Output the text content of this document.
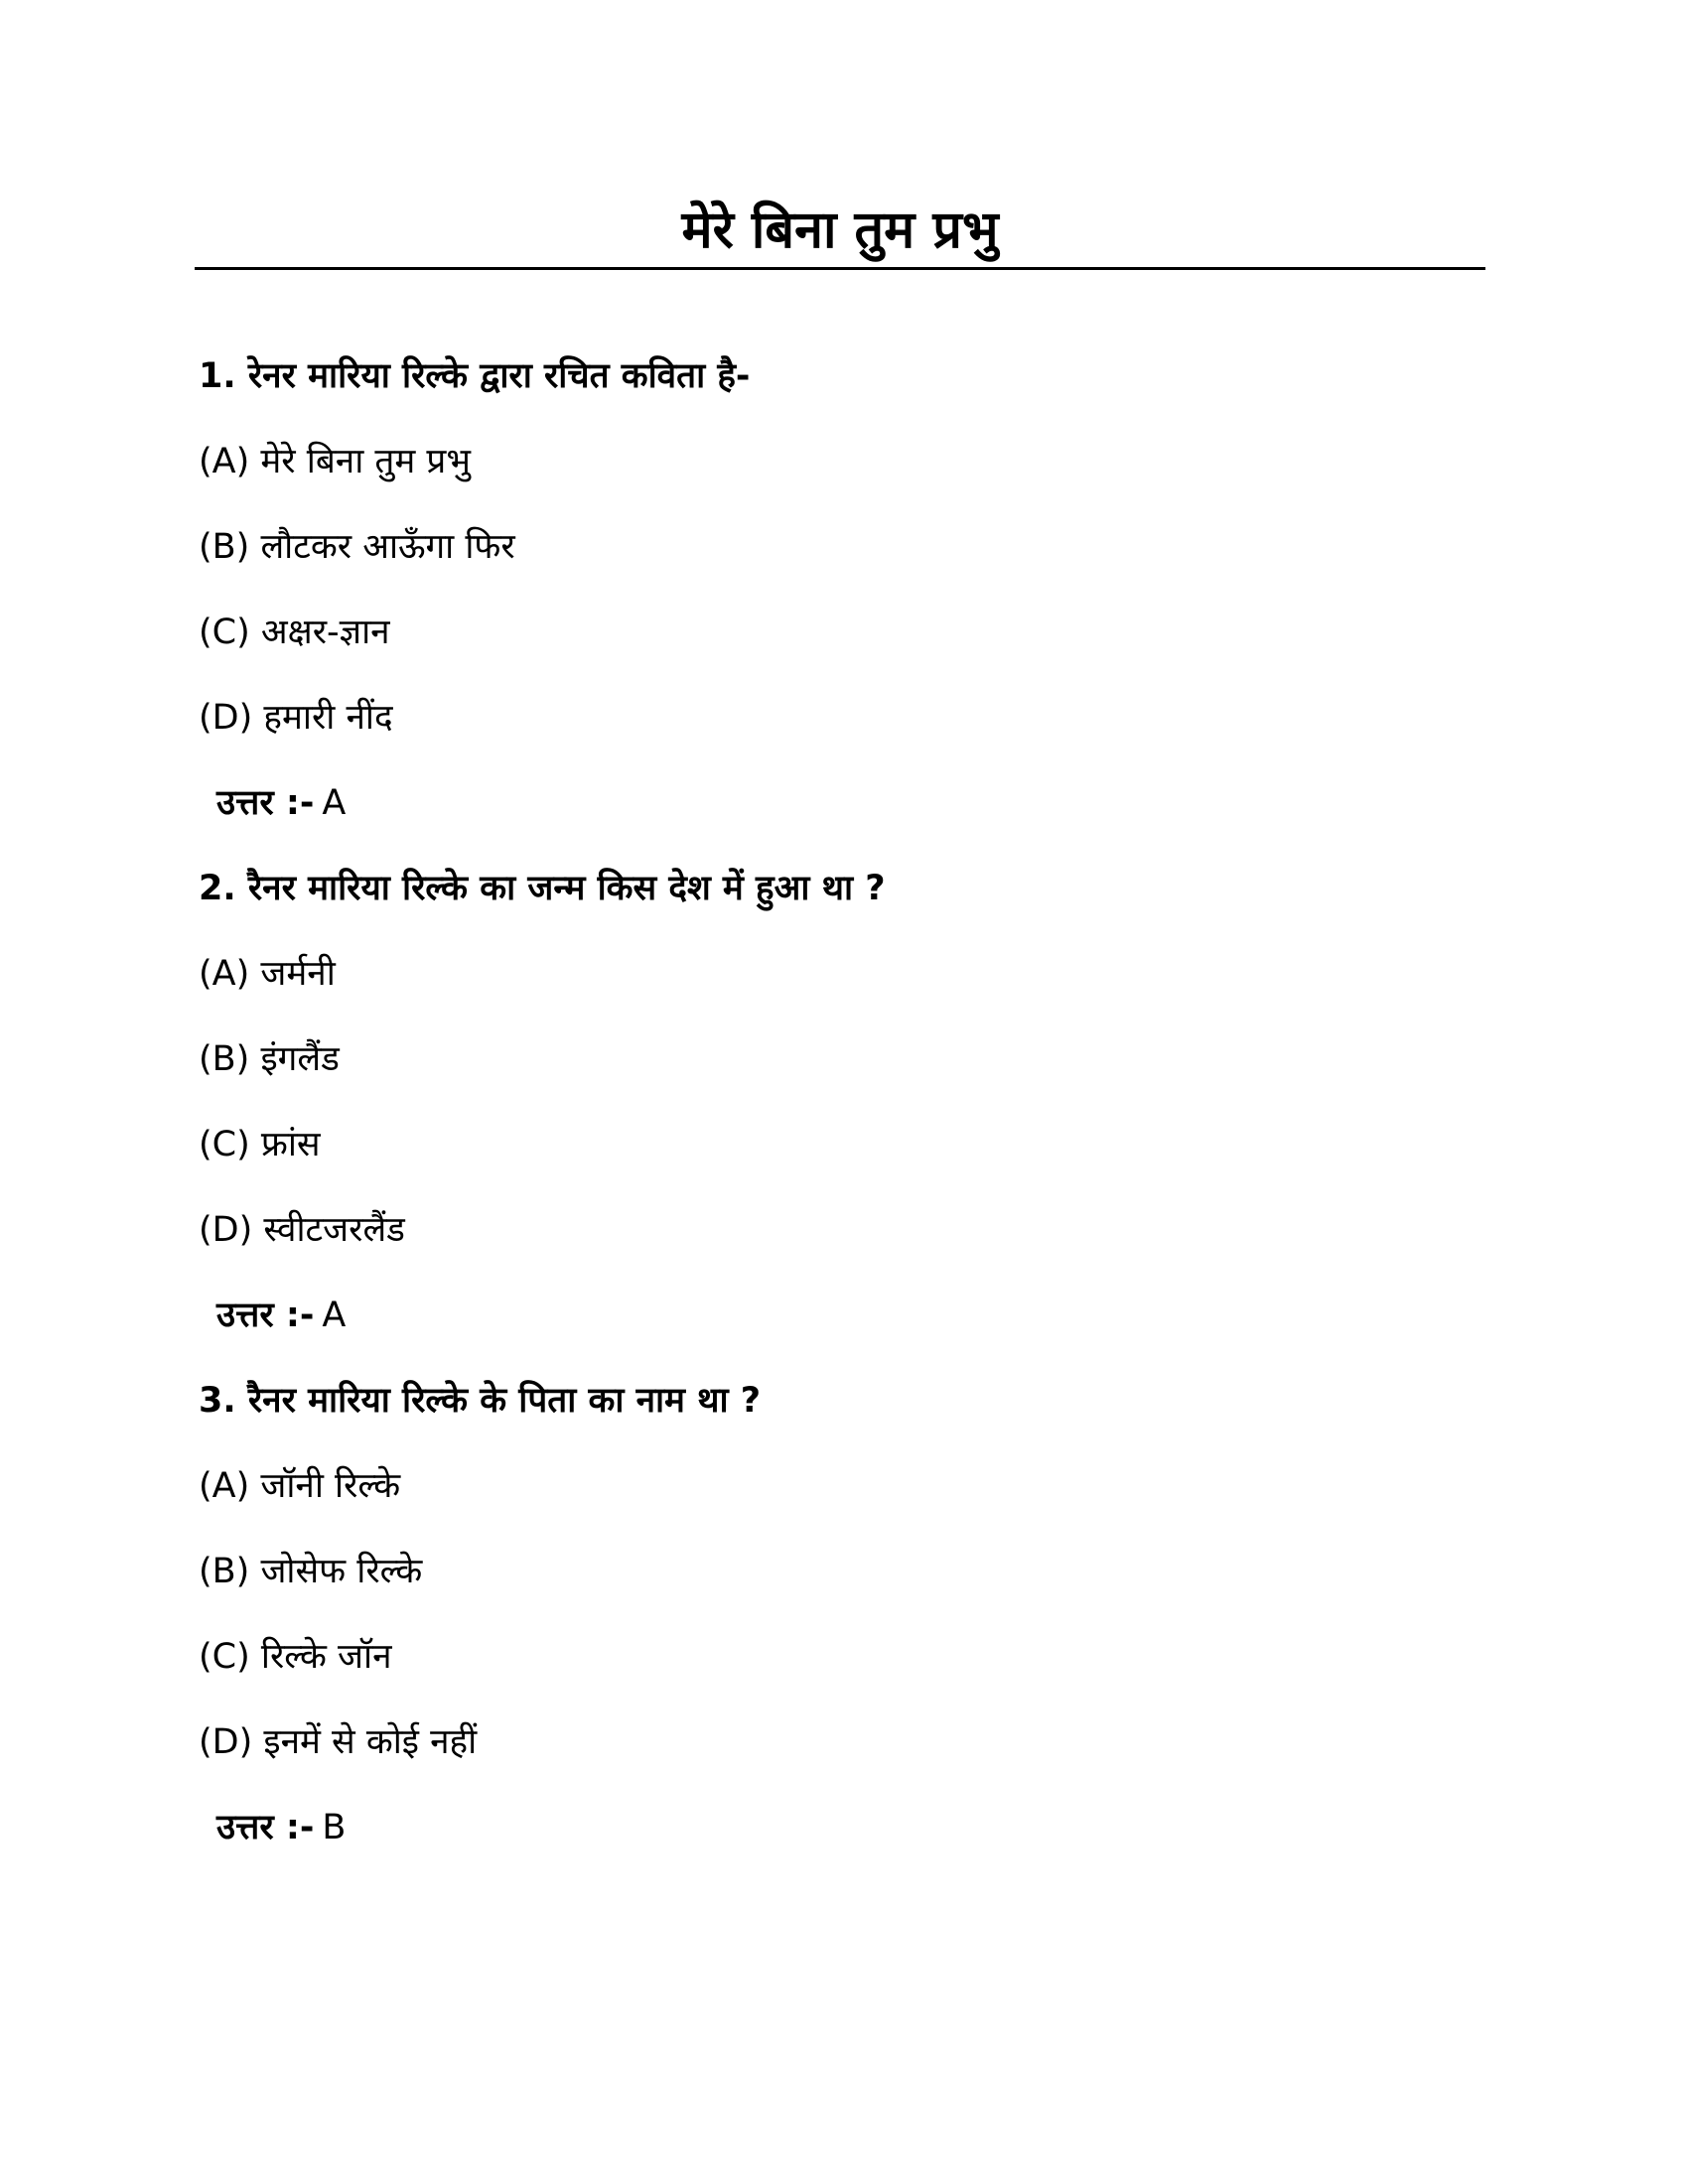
मेरे बिना तुम प्रभु
1. रेनर मारिया रिल्के द्वारा रचित कविता है-
(A) मेरे बिना तुम प्रभु
(B) लौटकर आऊँगा फिर
(C) अक्षर-ज्ञान
(D) हमारी नींद
उत्तर :- A
2. रैनर मारिया रिल्के का जन्म किस देश में हुआ था ?
(A) जर्मनी
(B) इंगलैंड
(C) फ्रांस
(D) स्वीटजरलैंड
उत्तर :- A
3. रैनर मारिया रिल्के के पिता का नाम था ?
(A) जॉनी रिल्के
(B) जोसेफ रिल्के
(C) रिल्के जॉन
(D) इनमें से कोई नहीं
उत्तर :- B
